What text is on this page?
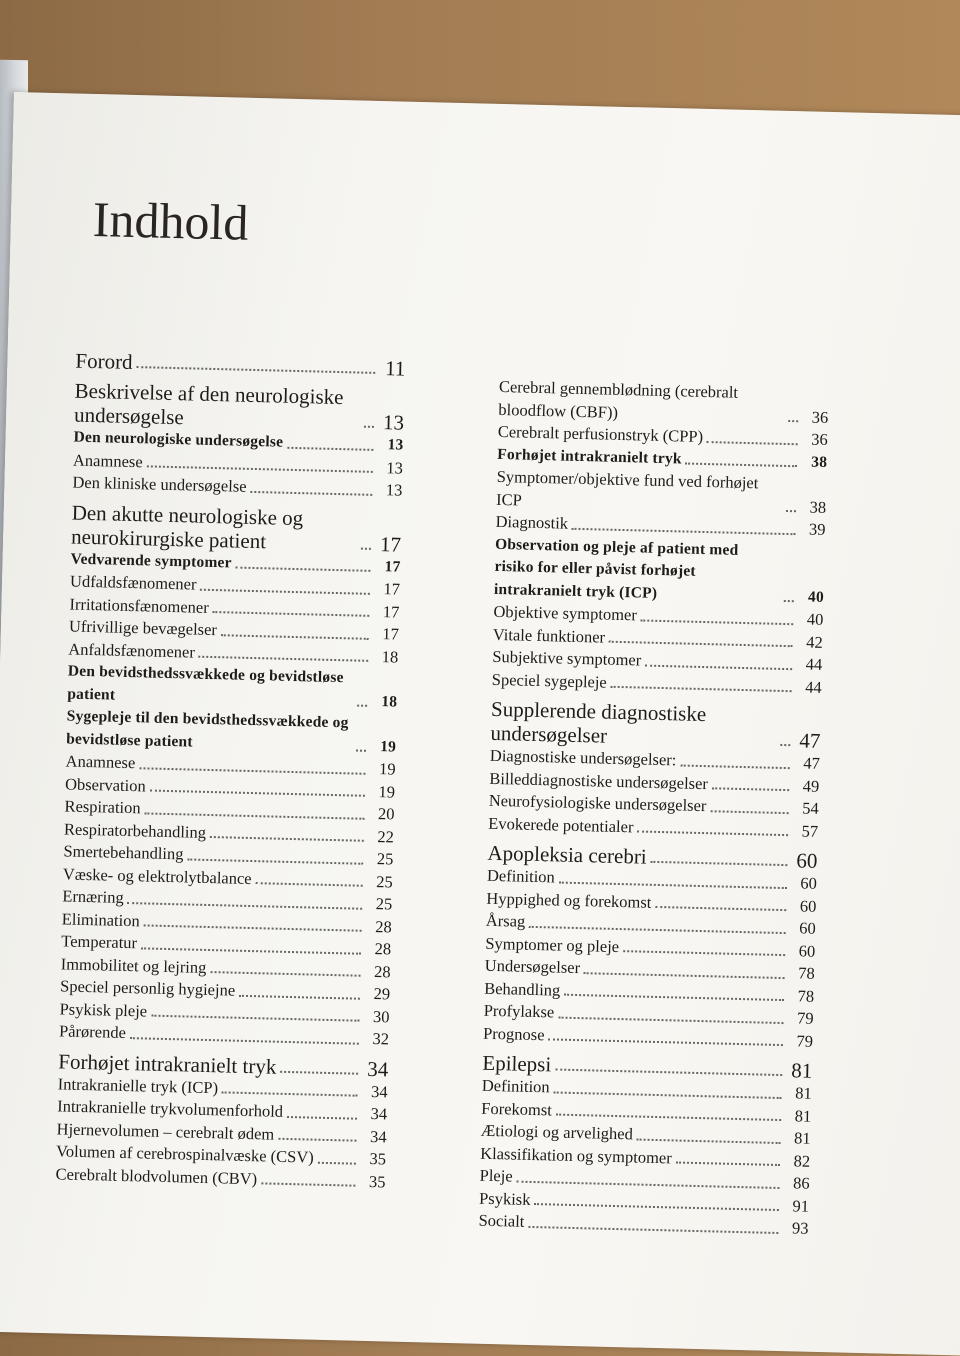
Indhold
Forord	11
Beskrivelse af den neurologiske undersøgelse	13
Den neurologiske undersøgelse	13
Anamnese	13
Den kliniske undersøgelse	13
Den akutte neurologiske og neurokirurgiske patient	17
Vedvarende symptomer	17
Udfaldsfænomener	17
Irritationsfænomener	17
Ufrivillige bevægelser	17
Anfaldsfænomener	18
Den bevidsthedssvækkede og bevidstløse patient	18
Sygepleje til den bevidsthedssvækkede og bevidstløse patient	19
Anamnese	19
Observation	19
Respiration	20
Respiratorbehandling	22
Smertebehandling	25
Væske- og elektrolytbalance	25
Ernæring	25
Elimination	28
Temperatur	28
Immobilitet og lejring	28
Speciel personlig hygiejne	29
Psykisk pleje	30
Pårørende	32
Forhøjet intrakranielt tryk	34
Intrakranielle tryk (ICP)	34
Intrakranielle trykvolumenforhold	34
Hjernevolumen – cerebralt ødem	34
Volumen af cerebrospinalvæske (CSV)	35
Cerebralt blodvolumen (CBV)	35
Cerebral gennemblødning (cerebralt bloodflow (CBF))	36
Cerebralt perfusionstryk (CPP)	36
Forhøjet intrakranielt tryk	38
Symptomer/objektive fund ved forhøjet ICP	38
Diagnostik	39
Observation og pleje af patient med risiko for eller påvist forhøjet intrakranielt tryk (ICP)	40
Objektive symptomer	40
Vitale funktioner	42
Subjektive symptomer	44
Speciel sygepleje	44
Supplerende diagnostiske undersøgelser	47
Diagnostiske undersøgelser:	47
Billeddiagnostiske undersøgelser	49
Neurofysiologiske undersøgelser	54
Evokerede potentialer	57
Apopleksia cerebri	60
Definition	60
Hyppighed og forekomst	60
Årsag	60
Symptomer og pleje	60
Undersøgelser	78
Behandling	78
Profylakse	79
Prognose	79
Epilepsi	81
Definition	81
Forekomst	81
Ætiologi og arvelighed	81
Klassifikation og symptomer	82
Pleje	86
Psykisk	91
Socialt	93
